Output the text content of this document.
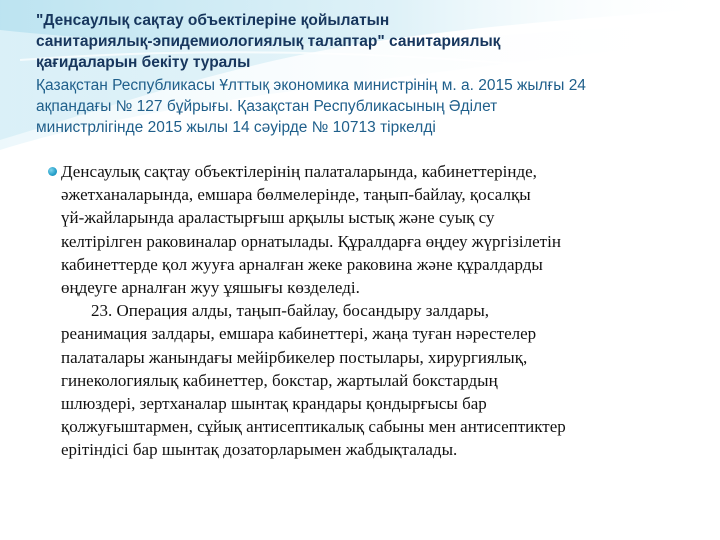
"Денсаулық сақтау объектілеріне қойылатын
санитариялық-эпидемиологиялық талаптар" санитариялық
қағидаларын бекіту туралы

Қазақстан Республикасы Ұлттық экономика министрінің м. а. 2015 жылғы 24
ақпандағы № 127 бұйрығы. Қазақстан Республикасының Әділет
министрлігінде 2015 жылы 14 сәуірде № 10713 тіркелді

Денсаулық сақтау объектілерінің палаталарында, кабинеттерінде,
әжетханаларында, емшара бөлмелерінде, таңып-байлау, қосалқы
үй-жайларында араластырғыш арқылы ыстық және суық су
келтірілген раковиналар орнатылады. Құралдарға өңдеу жүргізілетін
кабинеттерде қол жууға арналған жеке раковина және құралдарды
өңдеуге арналған жуу ұяшығы көзделеді.
23. Операция алды, таңып-байлау, босандыру залдары,
реанимация залдары, емшара кабинеттері, жаңа туған нәрестелер
палаталары жанындағы мейірбикелер постылары, хирургиялық,
гинекологиялық кабинеттер, бокстар, жартылай бокстардың
шлюздері, зертханалар шынтақ крандары қондырғысы бар
қолжуғыштармен, сұйық антисептикалық сабыны мен антисептиктер
ерітіндісі бар шынтақ дозаторларымен жабдықталады.
